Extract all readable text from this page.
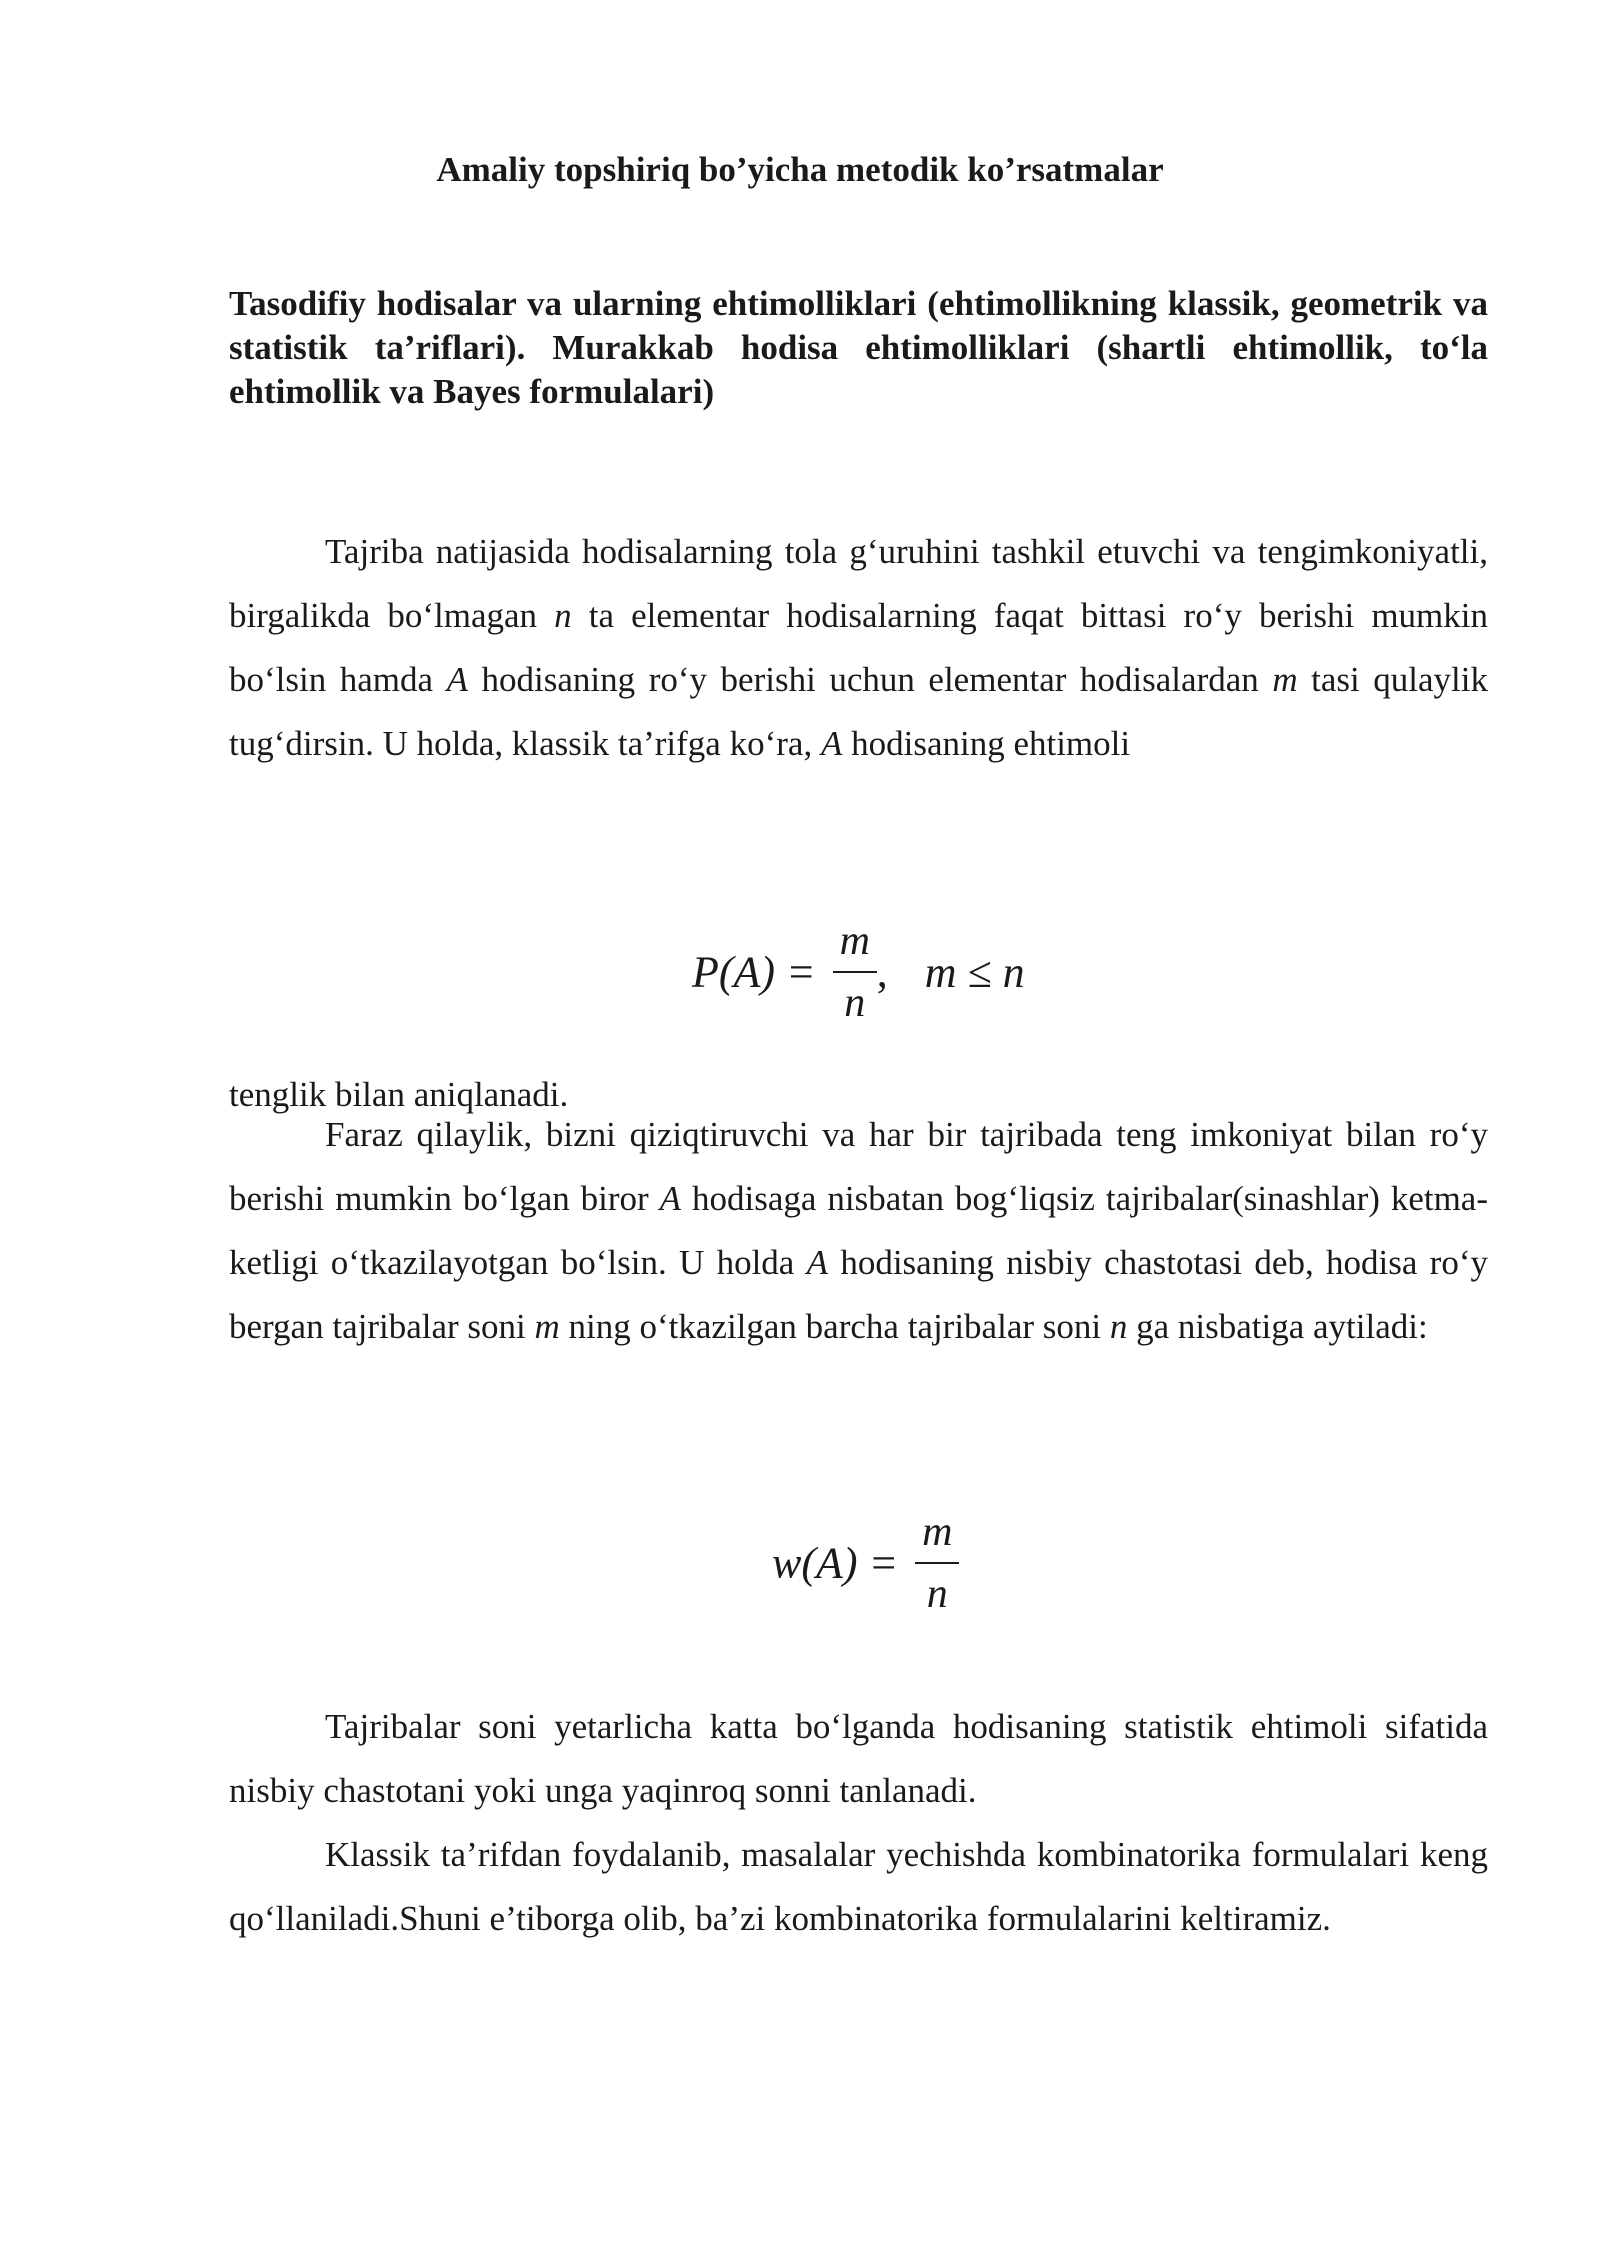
Amaliy topshiriq bo’yicha metodik ko’rsatmalar

Tasodifiy hodisalar va ularning ehtimolliklari (ehtimollikning klassik, geometrik va statistik ta’riflari). Murakkab hodisa ehtimolliklari (shartli ehtimollik, to‘la ehtimollik va Bayes formulalari)

Tajriba natijasida hodisalarning tola g‘uruhini tashkil etuvchi va tengimkoniyatli, birgalikda bo‘lmagan n ta elementar hodisalarning faqat bittasi ro‘y berishi mumkin bo‘lsin hamda A hodisaning ro‘y berishi uchun elementar hodisalardan m tasi qulaylik tug‘dirsin. U holda, klassik ta’rifga ko‘ra, A hodisaning ehtimoli

$P(A) = \frac{m}{n}$ , m ≤ n

tenglik bilan aniqlanadi.

Faraz qilaylik, bizni qiziqtiruvchi va har bir tajribada teng imkoniyat bilan ro‘y berishi mumkin bo‘lgan biror A hodisaga nisbatan bog‘liqsiz tajribalar(sinashlar) ketma-ketligi o‘tkazilayotgan bo‘lsin. U holda A hodisaning nisbiy chastotasi deb, hodisa ro‘y bergan tajribalar soni m ning o‘tkazilgan barcha tajribalar soni n ga nisbatiga aytiladi:

$w(A) = \frac{m}{n}$

Tajribalar soni yetarlicha katta bo‘lganda hodisaning statistik ehtimoli sifatida nisbiy chastotani yoki unga yaqinroq sonni tanlanadi.

Klassik ta’rifdan foydalanib, masalalar yechishda kombinatorika formulalari keng qo‘llaniladi.Shuni e’tiborga olib, ba’zi kombinatorika formulalarini keltiramiz.
